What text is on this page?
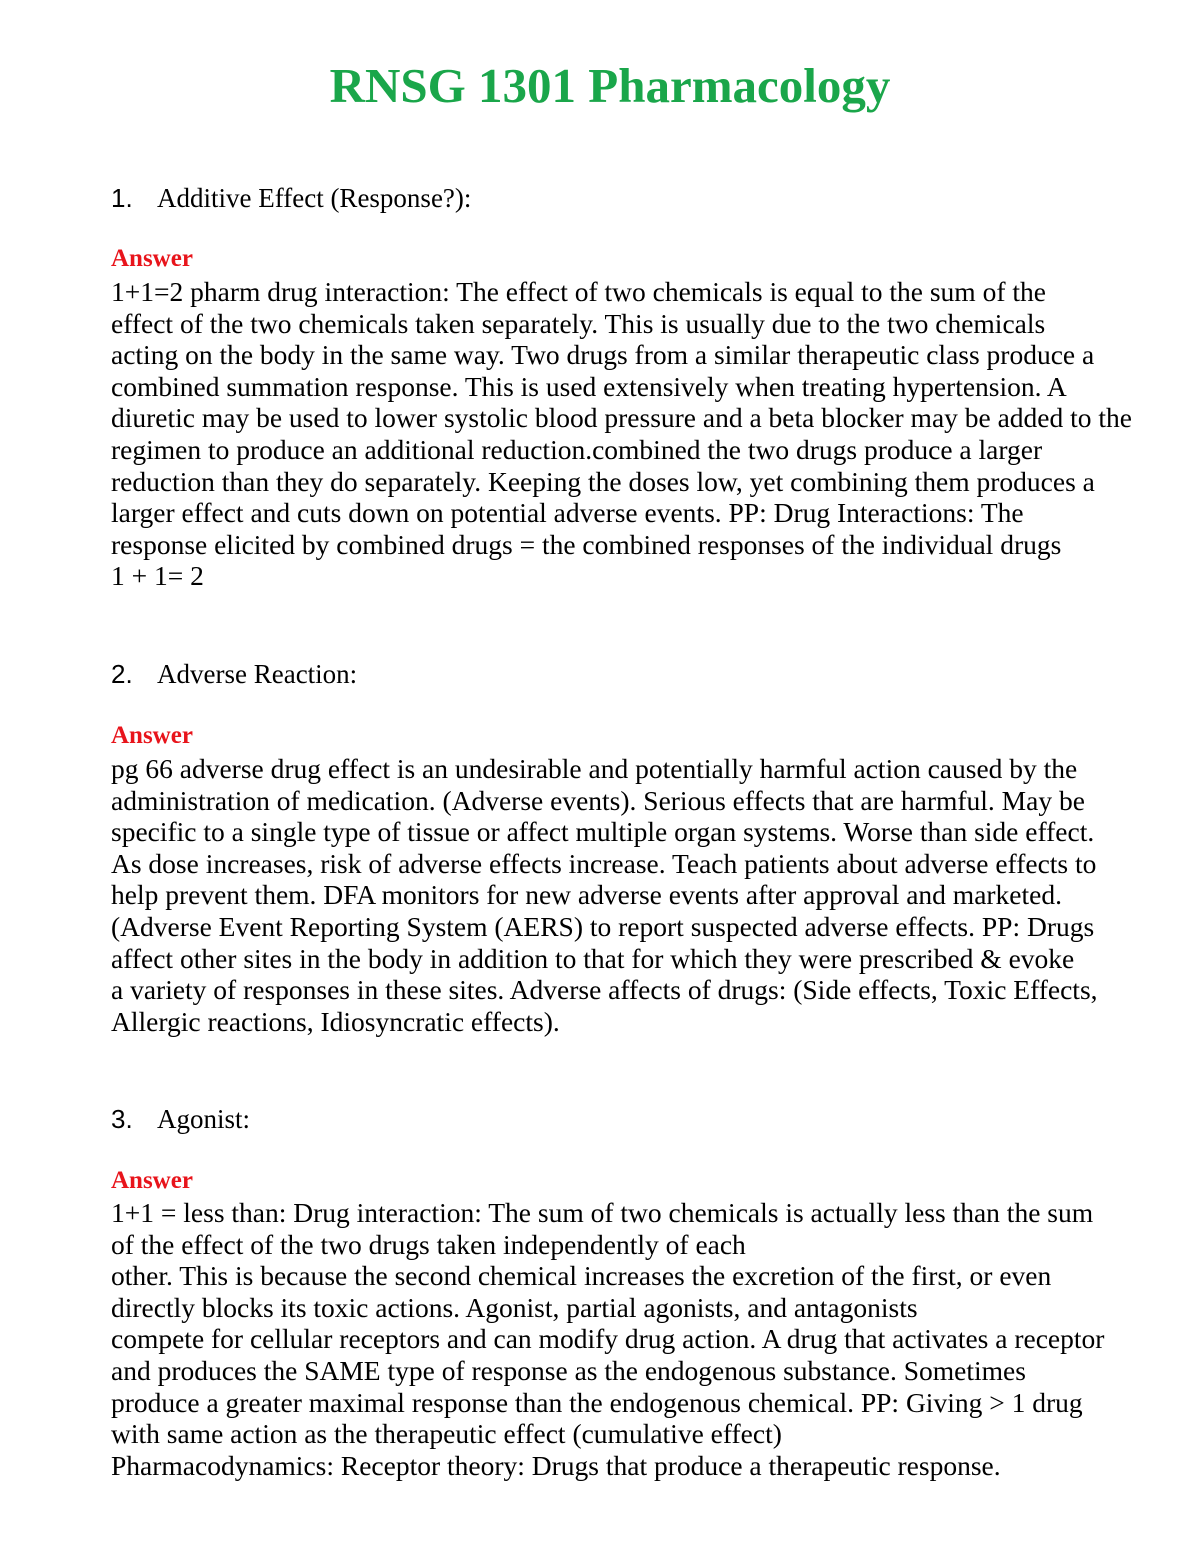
RNSG 1301 Pharmacology

1. Additive Effect (Response?):

Answer

1+1=2 pharm drug interaction: The effect of two chemicals is equal to the sum of the
effect of the two chemicals taken separately. This is usually due to the two chemicals
acting on the body in the same way. Two drugs from a similar therapeutic class produce a
combined summation response. This is used extensively when treating hypertension. A
diuretic may be used to lower systolic blood pressure and a beta blocker may be added to the
regimen to produce an additional reduction.combined the two drugs produce a larger
reduction than they do separately. Keeping the doses low, yet combining them produces a
larger effect and cuts down on potential adverse events. PP: Drug Interactions: The
response elicited by combined drugs = the combined responses of the individual drugs
1 + 1= 2

2. Adverse Reaction:

Answer

pg 66 adverse drug effect is an undesirable and potentially harmful action caused by the
administration of medication. (Adverse events). Serious effects that are harmful. May be
specific to a single type of tissue or affect multiple organ systems. Worse than side effect.
As dose increases, risk of adverse effects increase. Teach patients about adverse effects to
help prevent them. DFA monitors for new adverse events after approval and marketed.
(Adverse Event Reporting System (AERS) to report suspected adverse effects. PP: Drugs
affect other sites in the body in addition to that for which they were prescribed & evoke
a variety of responses in these sites. Adverse affects of drugs: (Side effects, Toxic Effects,
Allergic reactions, Idiosyncratic effects).

3. Agonist:

Answer

1+1 = less than: Drug interaction: The sum of two chemicals is actually less than the sum
of the effect of the two drugs taken independently of each
other. This is because the second chemical increases the excretion of the first, or even
directly blocks its toxic actions. Agonist, partial agonists, and antagonists
compete for cellular receptors and can modify drug action. A drug that activates a receptor
and produces the SAME type of response as the endogenous substance. Sometimes
produce a greater maximal response than the endogenous chemical. PP: Giving > 1 drug
with same action as the therapeutic effect (cumulative effect)
Pharmacodynamics: Receptor theory: Drugs that produce a therapeutic response.
